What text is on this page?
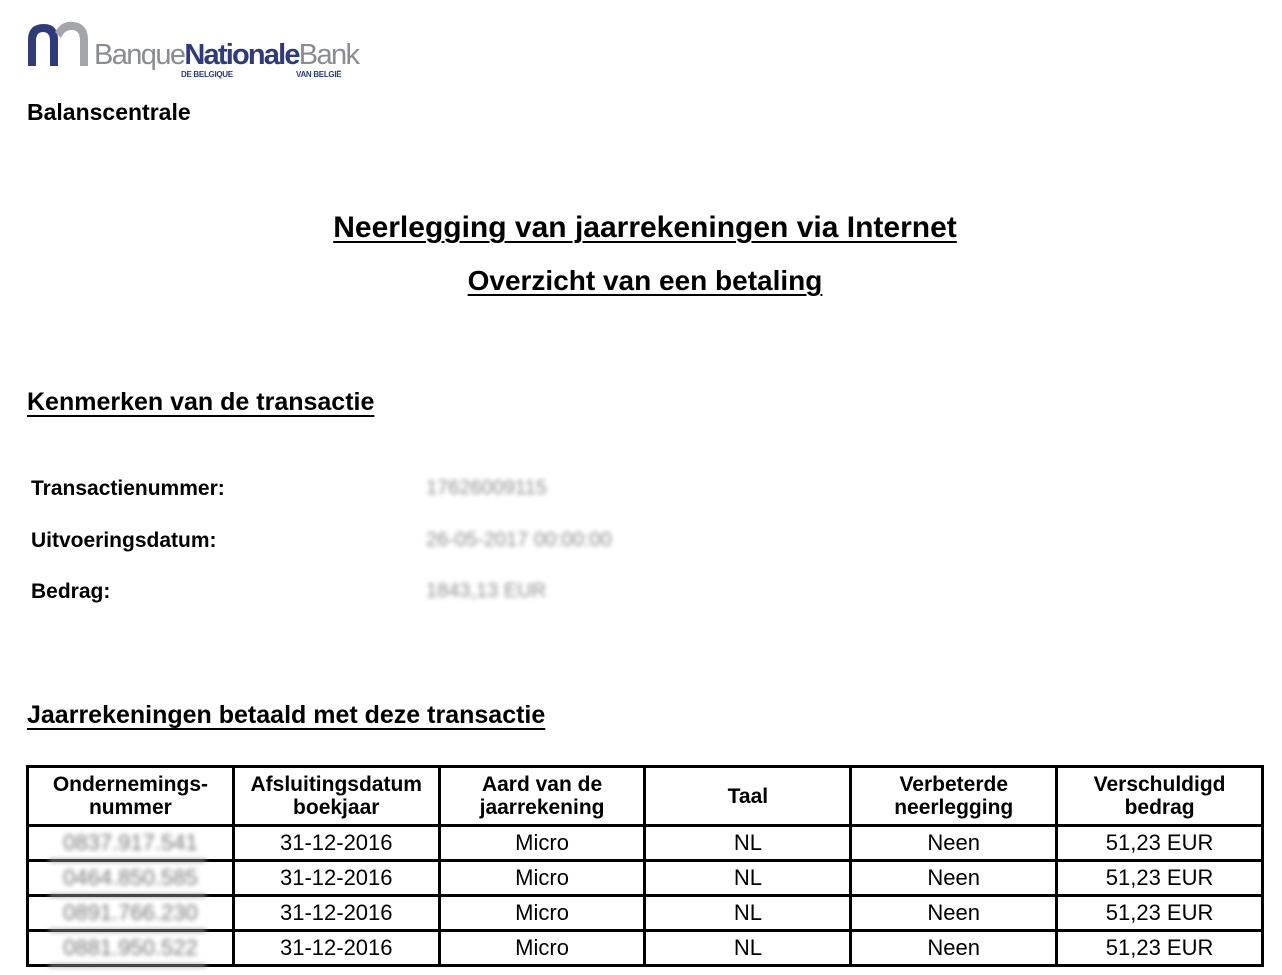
BanqueNationaleBank
DE BELGIQUE	VAN BELGIË
Balanscentrale
Neerlegging van jaarrekeningen via Internet
Overzicht van een betaling
Kenmerken van de transactie
Transactienummer:	17626009115
Uitvoeringsdatum:	26-05-2017 00:00:00
Bedrag:	1843,13 EUR
Jaarrekeningen betaald met deze transactie
Ondernemings-nummer	Afsluitingsdatum boekjaar	Aard van de jaarrekening	Taal	Verbeterde neerlegging	Verschuldigd bedrag
0837.917.541	31-12-2016	Micro	NL	Neen	51,23 EUR
0464.850.585	31-12-2016	Micro	NL	Neen	51,23 EUR
0891.766.230	31-12-2016	Micro	NL	Neen	51,23 EUR
0881.950.522	31-12-2016	Micro	NL	Neen	51,23 EUR
